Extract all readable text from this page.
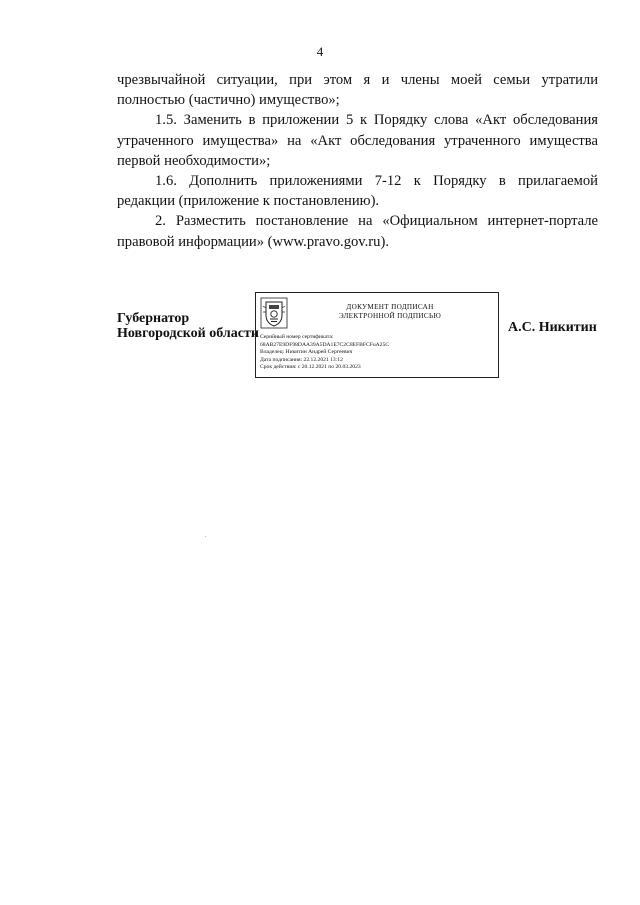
4

чрезвычайной ситуации, при этом я и члены моей семьи утратили полностью (частично) имущество»;

1.5. Заменить в приложении 5 к Порядку слова «Акт обследования утраченного имущества» на «Акт обследования утраченного имущества первой необходимости»;

1.6. Дополнить приложениями 7-12 к Порядку в прилагаемой редакции (приложение к постановлению).

2. Разместить постановление на «Официальном интернет-портале правовой информации» (www.pravo.gov.ru).

Губернатор
Новгородской области
ДОКУМЕНТ ПОДПИСАН
ЭЛЕКТРОННОЙ ПОДПИСЬЮ
Серийный номер сертификата:
68AB27E9DF98DAA39A5DA1E7C2C8EFBFCFuA25C
Владелец: Никитин Андрей Сергеевич
Дата подписания: 22.12.2021 13:12
Срок действия: с 20.12.2021 по 20.03.2023
А.С. Никитин
